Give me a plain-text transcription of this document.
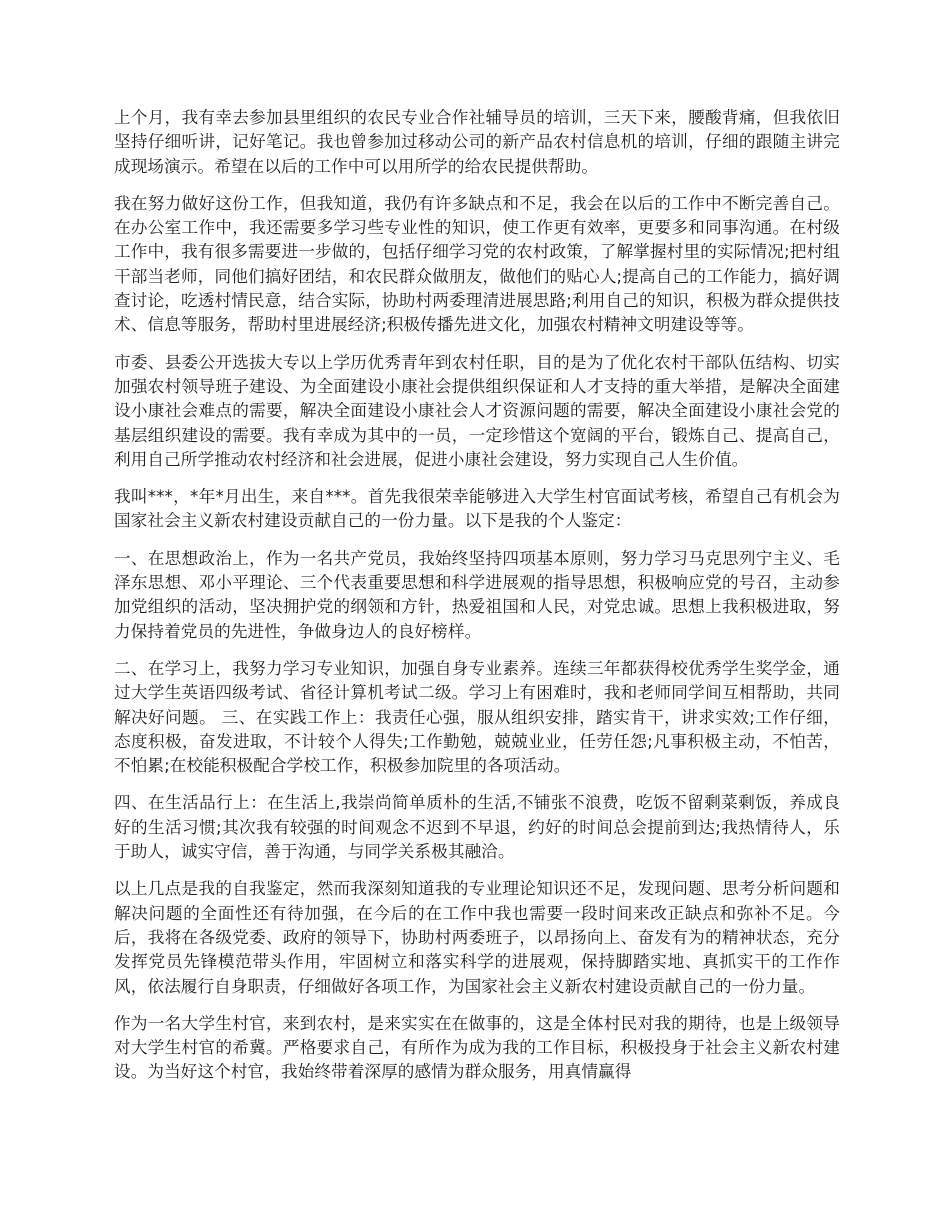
上个月，我有幸去参加县里组织的农民专业合作社辅导员的培训，三天下来，腰酸背痛，但我依旧坚持仔细听讲，记好笔记。我也曾参加过移动公司的新产品农村信息机的培训，仔细的跟随主讲完成现场演示。希望在以后的工作中可以用所学的给农民提供帮助。

我在努力做好这份工作，但我知道，我仍有许多缺点和不足，我会在以后的工作中不断完善自己。在办公室工作中，我还需要多学习些专业性的知识，使工作更有效率，更要多和同事沟通。在村级工作中，我有很多需要进一步做的，包括仔细学习党的农村政策，了解掌握村里的实际情况;把村组干部当老师，同他们搞好团结，和农民群众做朋友，做他们的贴心人;提高自己的工作能力，搞好调查讨论，吃透村情民意，结合实际，协助村两委理清进展思路;利用自己的知识，积极为群众提供技术、信息等服务，帮助村里进展经济;积极传播先进文化，加强农村精神文明建设等等。

市委、县委公开选拔大专以上学历优秀青年到农村任职，目的是为了优化农村干部队伍结构、切实加强农村领导班子建设、为全面建设小康社会提供组织保证和人才支持的重大举措，是解决全面建设小康社会难点的需要，解决全面建设小康社会人才资源问题的需要，解决全面建设小康社会党的基层组织建设的需要。我有幸成为其中的一员，一定珍惜这个宽阔的平台，锻炼自己、提高自己，利用自己所学推动农村经济和社会进展，促进小康社会建设，努力实现自己人生价值。

我叫***，*年*月出生，来自***。首先我很荣幸能够进入大学生村官面试考核，希望自己有机会为国家社会主义新农村建设贡献自己的一份力量。以下是我的个人鉴定：

一、在思想政治上，作为一名共产党员，我始终坚持四项基本原则，努力学习马克思列宁主义、毛泽东思想、邓小平理论、三个代表重要思想和科学进展观的指导思想，积极响应党的号召，主动参加党组织的活动，坚决拥护党的纲领和方针，热爱祖国和人民，对党忠诚。思想上我积极进取，努力保持着党员的先进性，争做身边人的良好榜样。

二、在学习上，我努力学习专业知识，加强自身专业素养。连续三年都获得校优秀学生奖学金，通过大学生英语四级考试、省径计算机考试二级。学习上有困难时，我和老师同学间互相帮助，共同解决好问题。 三、在实践工作上：我责任心强，服从组织安排，踏实肯干，讲求实效;工作仔细，态度积极，奋发进取，不计较个人得失;工作勤勉，兢兢业业，任劳任怨;凡事积极主动，不怕苦，不怕累;在校能积极配合学校工作，积极参加院里的各项活动。

四、在生活品行上：在生活上,我崇尚简单质朴的生活,不铺张不浪费，吃饭不留剩菜剩饭，养成良好的生活习惯;其次我有较强的时间观念不迟到不早退，约好的时间总会提前到达;我热情待人，乐于助人，诚实守信，善于沟通，与同学关系极其融洽。

以上几点是我的自我鉴定，然而我深刻知道我的专业理论知识还不足，发现问题、思考分析问题和解决问题的全面性还有待加强，在今后的在工作中我也需要一段时间来改正缺点和弥补不足。今后，我将在各级党委、政府的领导下，协助村两委班子，以昂扬向上、奋发有为的精神状态，充分发挥党员先锋模范带头作用，牢固树立和落实科学的进展观，保持脚踏实地、真抓实干的工作作风，依法履行自身职责，仔细做好各项工作，为国家社会主义新农村建设贡献自己的一份力量。

作为一名大学生村官，来到农村，是来实实在在做事的，这是全体村民对我的期待，也是上级领导对大学生村官的希冀。严格要求自己，有所作为成为我的工作目标，积极投身于社会主义新农村建设。为当好这个村官，我始终带着深厚的感情为群众服务，用真情赢得
